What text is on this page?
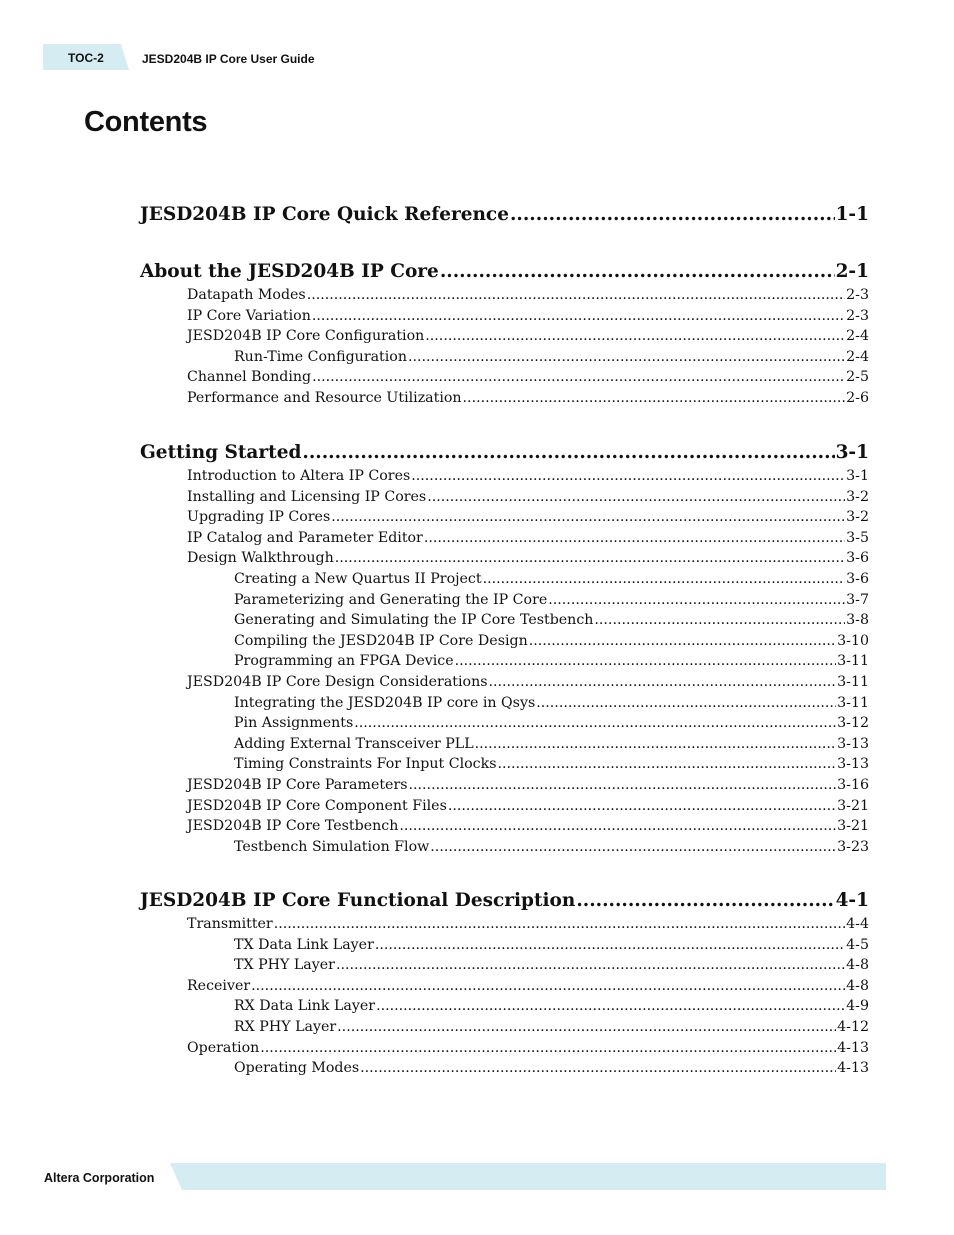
TOC-2	JESD204B IP Core User Guide
Contents
JESD204B IP Core Quick Reference .....	1-1
About the JESD204B IP Core .....	2-1
Datapath Modes .....	2-3
IP Core Variation .....	2-3
JESD204B IP Core Configuration .....	2-4
Run-Time Configuration .....	2-4
Channel Bonding .....	2-5
Performance and Resource Utilization .....	2-6
Getting Started .....	3-1
Introduction to Altera IP Cores .....	3-1
Installing and Licensing IP Cores .....	3-2
Upgrading IP Cores .....	3-2
IP Catalog and Parameter Editor .....	3-5
Design Walkthrough .....	3-6
Creating a New Quartus II Project .....	3-6
Parameterizing and Generating the IP Core .....	3-7
Generating and Simulating the IP Core Testbench .....	3-8
Compiling the JESD204B IP Core Design .....	3-10
Programming an FPGA Device .....	3-11
JESD204B IP Core Design Considerations .....	3-11
Integrating the JESD204B IP core in Qsys .....	3-11
Pin Assignments .....	3-12
Adding External Transceiver PLL .....	3-13
Timing Constraints For Input Clocks .....	3-13
JESD204B IP Core Parameters .....	3-16
JESD204B IP Core Component Files .....	3-21
JESD204B IP Core Testbench .....	3-21
Testbench Simulation Flow .....	3-23
JESD204B IP Core Functional Description .....	4-1
Transmitter .....	4-4
TX Data Link Layer .....	4-5
TX PHY Layer .....	4-8
Receiver .....	4-8
RX Data Link Layer .....	4-9
RX PHY Layer .....	4-12
Operation .....	4-13
Operating Modes .....	4-13
Altera Corporation
